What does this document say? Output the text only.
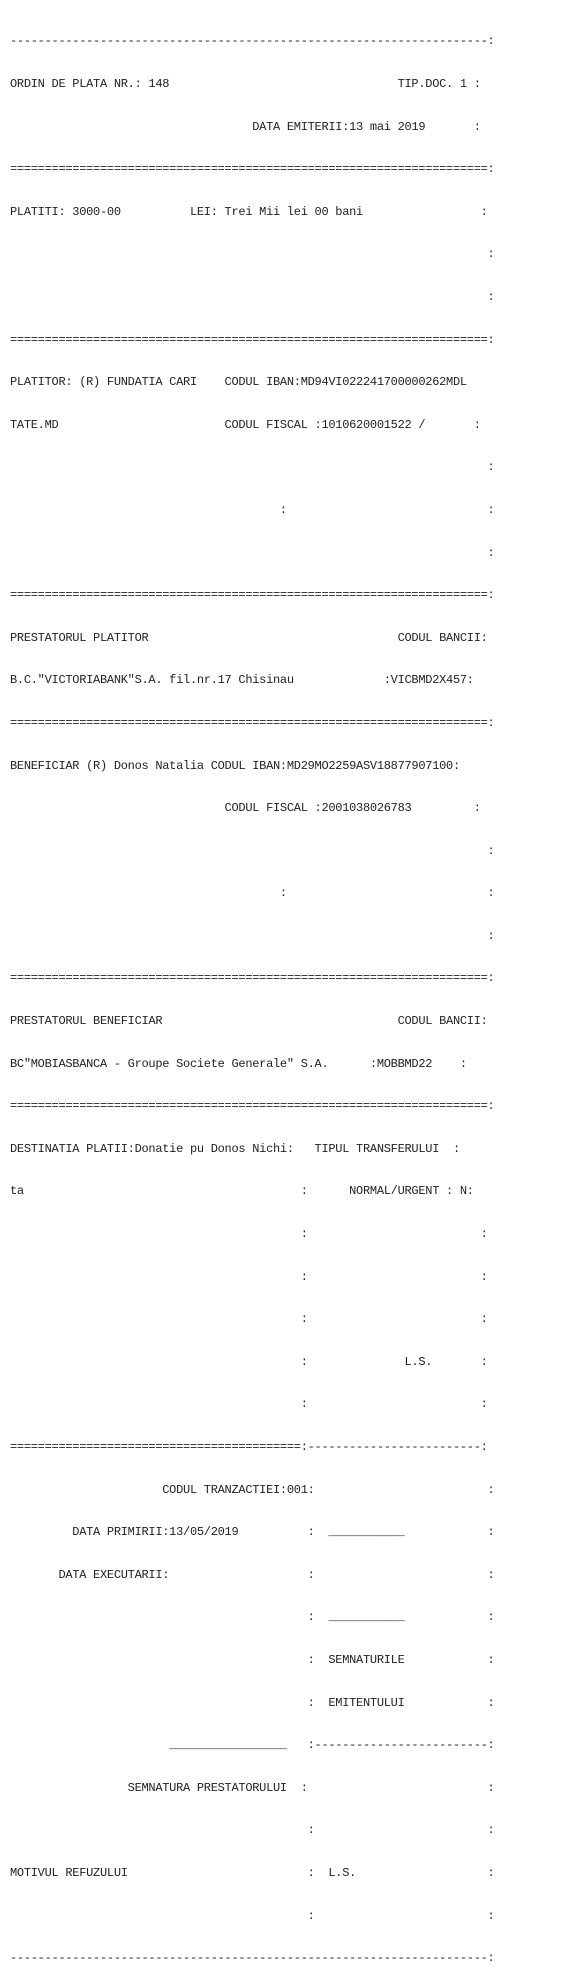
---------------------------------------------------------------------:

ORDIN DE PLATA NR.: 148                                 TIP.DOC. 1 :

DATA EMITERII:13 mai 2019       :

=====================================================================:

PLATITI: 3000-00          LEI: Trei Mii lei 00 bani                 :

:

:

=====================================================================:

PLATITOR: (R) FUNDATIA CARI    CODUL IBAN:MD94VI022241700000262MDL

TATE.MD                        CODUL FISCAL :1010620001522 /       :

:

:                             :

:

=====================================================================:

PRESTATORUL PLATITOR                                    CODUL BANCII:

B.C."VICTORIABANK"S.A. fil.nr.17 Chisinau             :VICBMD2X457:

=====================================================================:

BENEFICIAR (R) Donos Natalia CODUL IBAN:MD29MO2259ASV18877907100:

CODUL FISCAL :2001038026783         :

:

:                             :

:

=====================================================================:

PRESTATORUL BENEFICIAR                                  CODUL BANCII:

BC"MOBIASBANCA - Groupe Societe Generale" S.A.      :MOBBMD22    :

=====================================================================:

DESTINATIA PLATII:Donatie pu Donos Nichi:   TIPUL TRANSFERULUI  :

ta                                        :      NORMAL/URGENT : N:

:                         :

:                         :

:                         :

:              L.S.       :

:                         :

==========================================:-------------------------:

CODUL TRANZACTIEI:001:                         :

DATA PRIMIRII:13/05/2019          :  ___________            :

DATA EXECUTARII:                    :                         :

:  ___________            :

:  SEMNATURILE            :

:  EMITENTULUI            :

_________________   :-------------------------:

SEMNATURA PRESTATORULUI  :                          :

:                         :

MOTIVUL REFUZULUI                          :  L.S.                   :

:                         :

---------------------------------------------------------------------:
